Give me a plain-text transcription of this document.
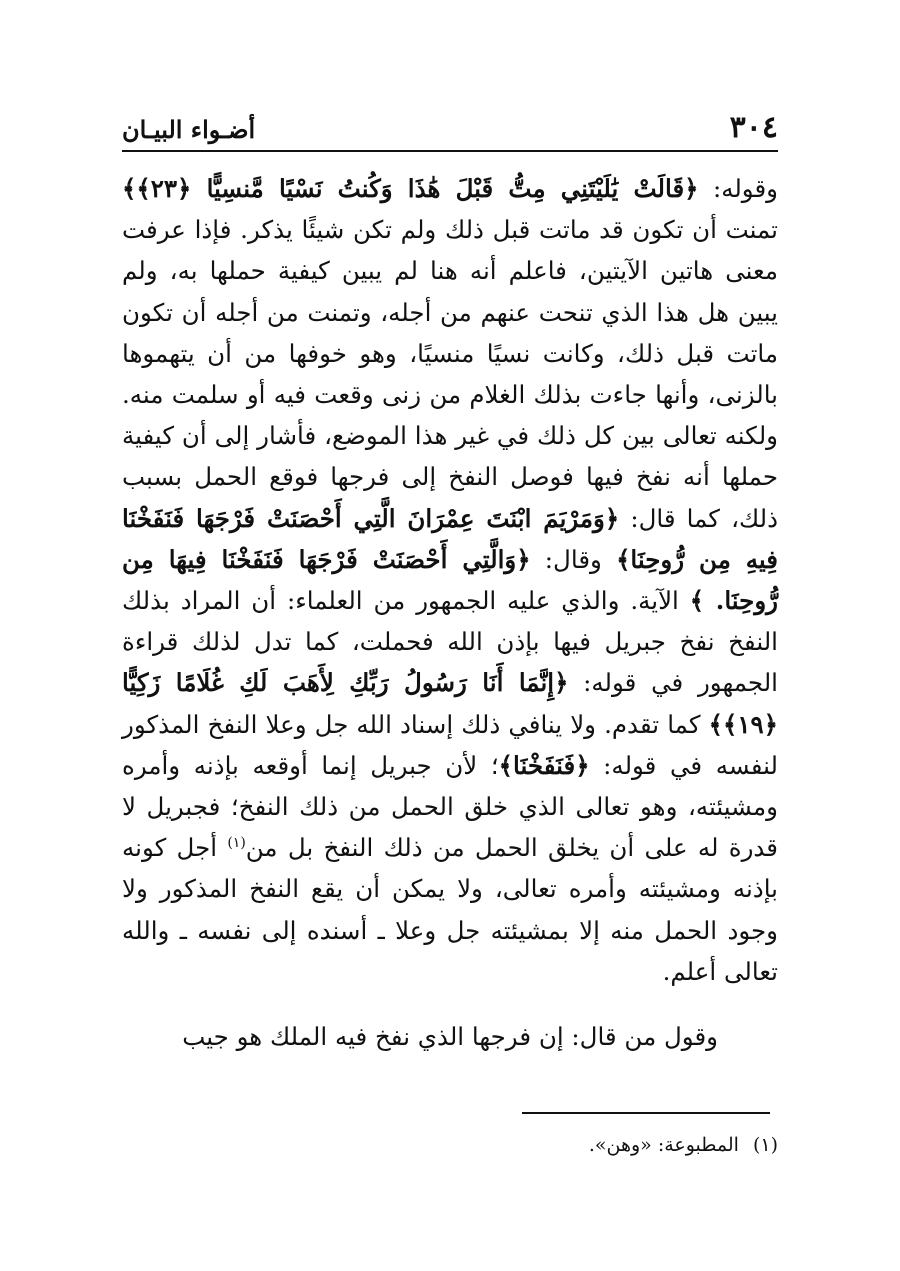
٣٠٤
أضـواء البيـان

وقوله: ﴿قَالَتْ يَٰلَيْتَنِي مِتُّ قَبْلَ هَٰذَا وَكُنتُ نَسْيًا مَّنسِيًّا ﴿٢٣﴾﴾ تمنت أن تكون قد ماتت قبل ذلك ولم تكن شيئًا يذكر. فإذا عرفت معنى هاتين الآيتين، فاعلم أنه هنا لم يبين كيفية حملها به، ولم يبين هل هذا الذي تنحت عنهم من أجله، وتمنت من أجله أن تكون ماتت قبل ذلك، وكانت نسيًا منسيًا، وهو خوفها من أن يتهموها بالزنى، وأنها جاءت بذلك الغلام من زنى وقعت فيه أو سلمت منه. ولكنه تعالى بين كل ذلك في غير هذا الموضع، فأشار إلى أن كيفية حملها أنه نفخ فيها فوصل النفخ إلى فرجها فوقع الحمل بسبب ذلك، كما قال: ﴿وَمَرْيَمَ ابْنَتَ عِمْرَانَ الَّتِي أَحْصَنَتْ فَرْجَهَا فَنَفَخْنَا فِيهِ مِن رُّوحِنَا﴾ وقال: ﴿وَالَّتِي أَحْصَنَتْ فَرْجَهَا فَنَفَخْنَا فِيهَا مِن رُّوحِنَا. ﴾ الآية. والذي عليه الجمهور من العلماء: أن المراد بذلك النفخ نفخ جبريل فيها بإذن الله فحملت، كما تدل لذلك قراءة الجمهور في قوله: ﴿إِنَّمَا أَنَا رَسُولُ رَبِّكِ لِأَهَبَ لَكِ غُلَامًا زَكِيًّا ﴿١٩﴾﴾ كما تقدم. ولا ينافي ذلك إسناد الله جل وعلا النفخ المذكور لنفسه في قوله: ﴿فَنَفَخْنَا﴾؛ لأن جبريل إنما أوقعه بإذنه وأمره ومشيئته، وهو تعالى الذي خلق الحمل من ذلك النفخ؛ فجبريل لا قدرة له على أن يخلق الحمل من ذلك النفخ بل من$^{(١)}$ أجل كونه بإذنه ومشيئته وأمره تعالى، ولا يمكن أن يقع النفخ المذكور ولا وجود الحمل منه إلا بمشيئته جل وعلا ـ أسنده إلى نفسه ـ والله تعالى أعلم.

وقول من قال: إن فرجها الذي نفخ فيه الملك هو جيب

(١)المطبوعة: «وهن».
